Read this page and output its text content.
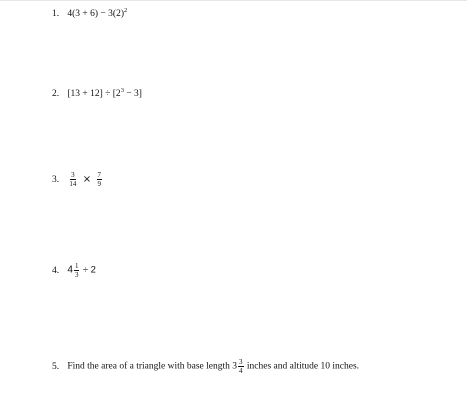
1. $4(3 + 6) - 3(2)^2$
2. $[13 + 12] \div [2^3 - 3]$
3. $\frac{3}{14} \times \frac{7}{9}$
4. $4 \frac{1}{3} \div 2$
5. Find the area of a triangle with base length $3 \frac{3}{4}$ inches and altitude 10 inches.
